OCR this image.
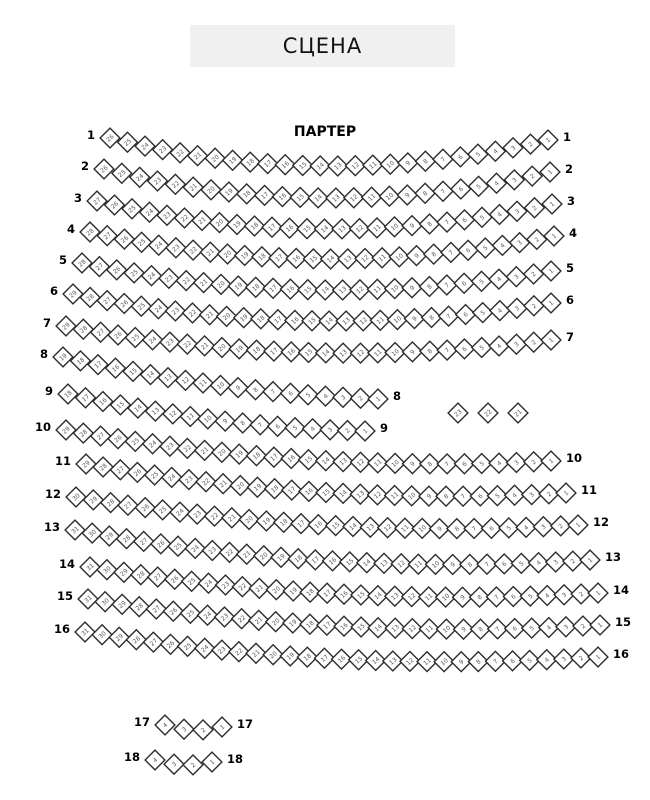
СЦЕНА
ПАРТЕР
26 25 24 23 22 21 20 19 18 17 16 15 14 13 12 11 10 9 8 7 6 5 4 3 2
1
1	1
26 25 24 23 22 21 20 19 18 17 16 15 14 13 12 11 10 9 8 7 6 5 4 3 2
1
2	2
27 26 25 24 23 22 21 20 19 18 17 16 15 14 13 12 11 10 9 8 7 6 5 4 3 2 1
3	3
28 27 26 25 24 23 22 21 20 19 18 17 16 15 14 13 12 11 10 9 8 7 6 5 4 3 2 1
4	4
28 27 26 25 24 23 22 21 20 19 18 17 16 15 14 13 12 11 10 9 8 7 6 5 4 3 2 1
5
5
29 28 27 26 25 24 23 22 21 20 19 18 17 16 15 14 13 12 11 10 9 8 7 6 5 4 3 2 1
6
6
29 28 27 26 25 24 23 22 21 20 19 18 17 16 15 14 13 12 11 10 9 8 7 6 5 4 3 2 1
7
7
19 18 17 16 15 14 13 12 11 10 9 8 7 6 5 4 3 2 1
8
8
18 17 16 15 14 13 12 11 10 9 8 7 6 5 4 3 2 1
9
9
29 28 27 26 25 24 23 22 21 20 19 18 17 16 15 14 13 12 11 10 9 8 7 6 5 4 3 2 1
10
10
29 28 27 26 25 24 23 22 21 20 19 18 17 16 15 14 13 12 11 10 9 8 7 6 5 4 3 2 1
11
11
30 29 28 27 26 25 24 23 22 21 20 19 18 17 16 15 14 13 12 11 10 9 8 7 6 5 4 3 2 1
12
12
31 30 29 28 27 26 25 24 23 22 21 20 19 18 17 16 15 14 13 12 11 10 9 8 7 6 5 4 3 2 1
13
13
31 30 29 28 27 26 25 24 23 22 21 20 19 18 17 16 15 14 13 12 11 10 9 8 7 6 5 4 3 2 1
14
14
31 30 29 28 27 26 25 24 23 22 21 20 19 18 17 16 15 14 13 12 11 10 9 8 7 6 5 4 3 2 1
15
15
31 30 29 28 27 26 25 24 23 22 21 20 19 18 17 16 15 14 13 12 11 10 9 8 7 6 5 4 3 2 1
16
16
4
3 2 1
17	17
4
3 2 1
18	18
23	22	21
